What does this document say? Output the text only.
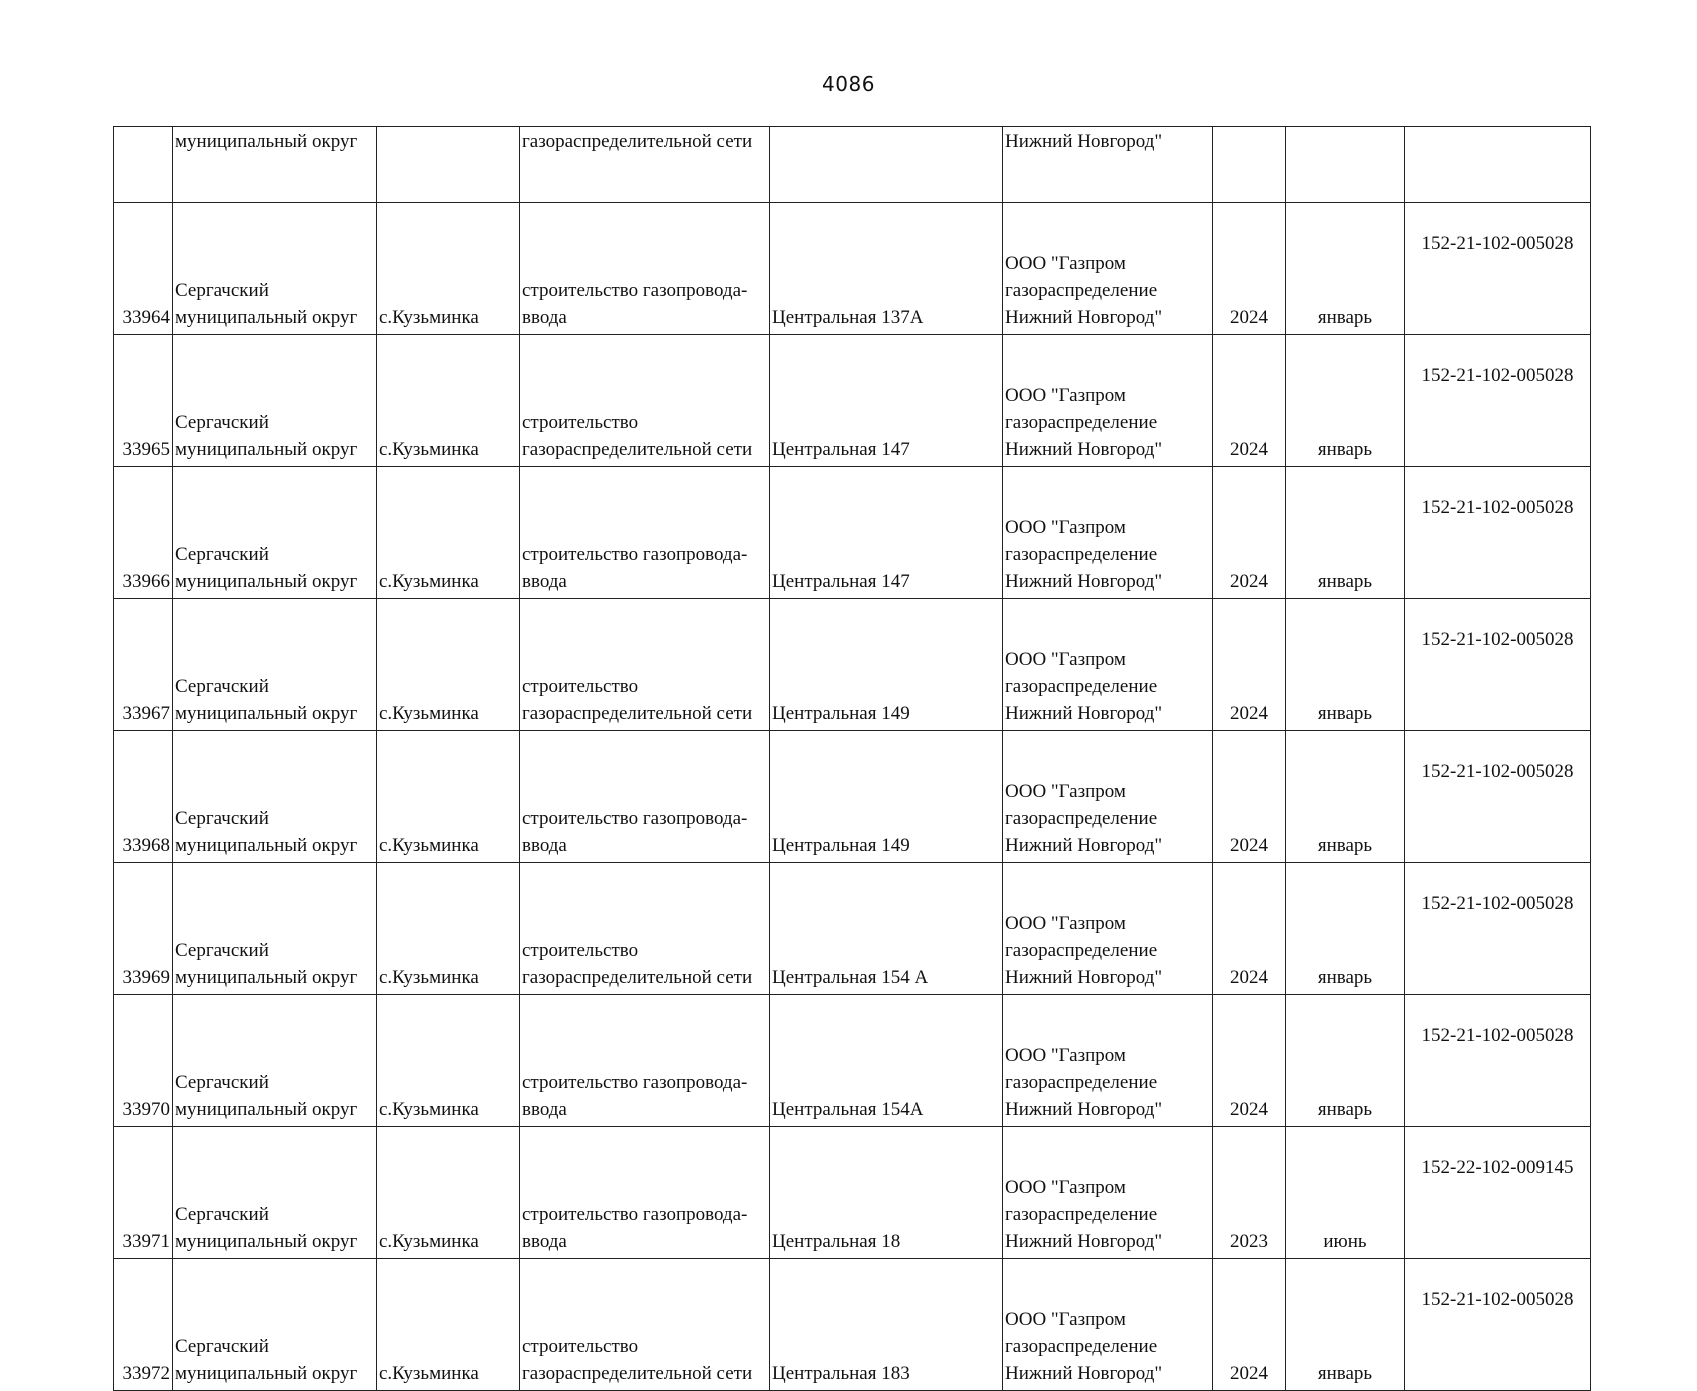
4086
	муниципальный округ		газораспределительной сети		Нижний Новгород"			

33964	Сергачский
муниципальный округ	с.Кузьминка	строительство газопровода-
ввода	Центральная 137А	ООО "Газпром
газораспределение
Нижний Новгород"	2024	январь	152-21-102-005028
33965	Сергачский
муниципальный округ	с.Кузьминка	строительство
газораспределительной сети	Центральная 147	ООО "Газпром
газораспределение
Нижний Новгород"	2024	январь	152-21-102-005028
33966	Сергачский
муниципальный округ	с.Кузьминка	строительство газопровода-
ввода	Центральная 147	ООО "Газпром
газораспределение
Нижний Новгород"	2024	январь	152-21-102-005028
33967	Сергачский
муниципальный округ	с.Кузьминка	строительство
газораспределительной сети	Центральная 149	ООО "Газпром
газораспределение
Нижний Новгород"	2024	январь	152-21-102-005028
33968	Сергачский
муниципальный округ	с.Кузьминка	строительство газопровода-
ввода	Центральная 149	ООО "Газпром
газораспределение
Нижний Новгород"	2024	январь	152-21-102-005028
33969	Сергачский
муниципальный округ	с.Кузьминка	строительство
газораспределительной сети	Центральная 154 А	ООО "Газпром
газораспределение
Нижний Новгород"	2024	январь	152-21-102-005028
33970	Сергачский
муниципальный округ	с.Кузьминка	строительство газопровода-
ввода	Центральная 154А	ООО "Газпром
газораспределение
Нижний Новгород"	2024	январь	152-21-102-005028
33971	Сергачский
муниципальный округ	с.Кузьминка	строительство газопровода-
ввода	Центральная 18	ООО "Газпром
газораспределение
Нижний Новгород"	2023	июнь	152-22-102-009145
33972	Сергачский
муниципальный округ	с.Кузьминка	строительство
газораспределительной сети	Центральная 183	ООО "Газпром
газораспределение
Нижний Новгород"	2024	январь	152-21-102-005028
